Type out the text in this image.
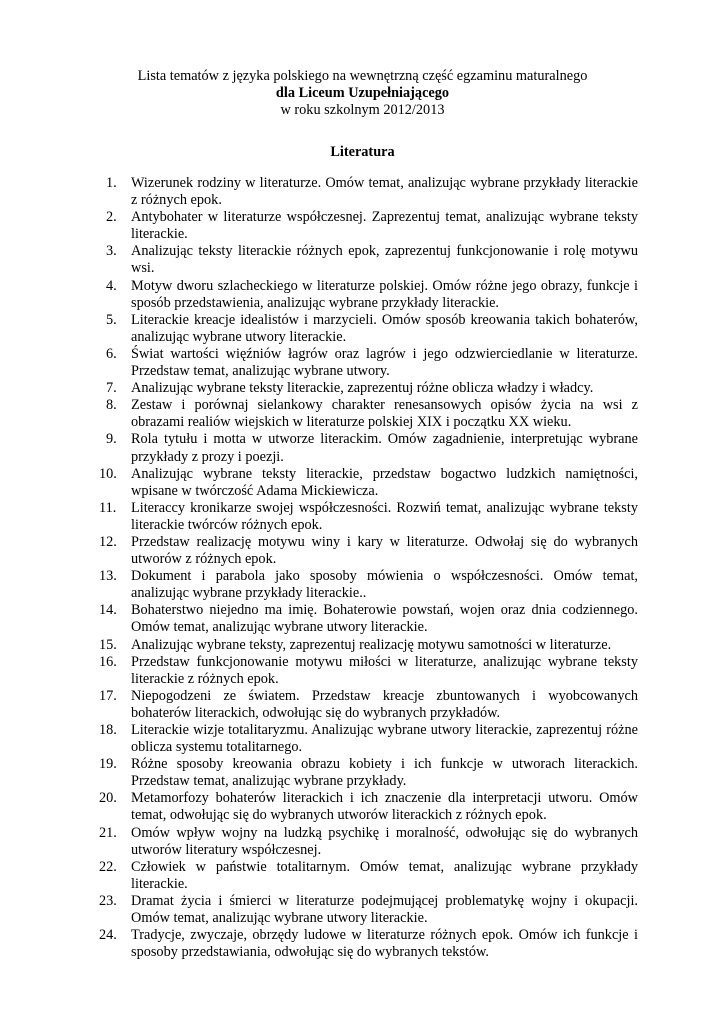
Lista tematów z języka polskiego na wewnętrzną część egzaminu maturalnego
dla Liceum Uzupełniającego
w roku szkolnym 2012/2013
Literatura
1. Wizerunek rodziny w literaturze. Omów temat, analizując wybrane przykłady literackie z różnych epok.
2. Antybohater w literaturze współczesnej. Zaprezentuj temat, analizując wybrane teksty literackie.
3. Analizując teksty literackie różnych epok, zaprezentuj funkcjonowanie i rolę motywu wsi.
4. Motyw dworu szlacheckiego w literaturze polskiej. Omów różne jego obrazy, funkcje i sposób przedstawienia, analizując wybrane przykłady literackie.
5. Literackie kreacje idealistów i marzycieli. Omów sposób kreowania takich bohaterów, analizując wybrane utwory literackie.
6. Świat wartości więźniów łagrów oraz lagrów i jego odzwierciedlanie w literaturze. Przedstaw temat, analizując wybrane utwory.
7. Analizując wybrane teksty literackie, zaprezentuj różne oblicza władzy i władcy.
8. Zestaw i porównaj sielankowy charakter renesansowych opisów życia na wsi z obrazami realiów wiejskich w literaturze polskiej XIX i początku XX wieku.
9. Rola tytułu i motta w utworze literackim. Omów zagadnienie, interpretując wybrane przykłady z prozy i poezji.
10. Analizując wybrane teksty literackie, przedstaw bogactwo ludzkich namiętności, wpisane w twórczość Adama Mickiewicza.
11.	Literaccy kronikarze swojej współczesności. Rozwiń temat, analizując wybrane teksty literackie twórców różnych epok.
12. Przedstaw realizację motywu winy i kary w literaturze. Odwołaj się do wybranych utworów z różnych epok.
13. Dokument i parabola jako sposoby mówienia o współczesności. Omów temat, analizując wybrane przykłady literackie..
14. Bohaterstwo niejedno ma imię. Bohaterowie powstań, wojen oraz dnia codziennego. Omów temat, analizując wybrane utwory literackie.
15. Analizując wybrane teksty, zaprezentuj realizację motywu samotności w literaturze.
16. Przedstaw funkcjonowanie motywu miłości w literaturze, analizując wybrane teksty literackie z różnych epok.
17. Niepogodzeni ze światem. Przedstaw kreacje zbuntowanych i wyobcowanych bohaterów literackich, odwołując się do wybranych przykładów.
18. Literackie wizje totalitaryzmu. Analizując wybrane utwory literackie, zaprezentuj różne oblicza systemu totalitarnego.
19. Różne sposoby kreowania obrazu kobiety i ich funkcje w utworach literackich. Przedstaw temat, analizując wybrane przykłady.
20. Metamorfozy bohaterów literackich i ich znaczenie dla interpretacji utworu. Omów temat, odwołując się do wybranych utworów literackich z różnych epok.
21. Omów wpływ wojny na ludzką psychikę i moralność, odwołując się do wybranych utworów literatury współczesnej.
22. Człowiek w państwie totalitarnym. Omów temat, analizując wybrane przykłady literackie.
23. Dramat życia i śmierci w literaturze podejmującej problematykę wojny i okupacji. Omów temat, analizując wybrane utwory literackie.
24. Tradycje, zwyczaje, obrzędy ludowe w literaturze różnych epok. Omów ich funkcje i sposoby przedstawiania, odwołując się do wybranych tekstów.
